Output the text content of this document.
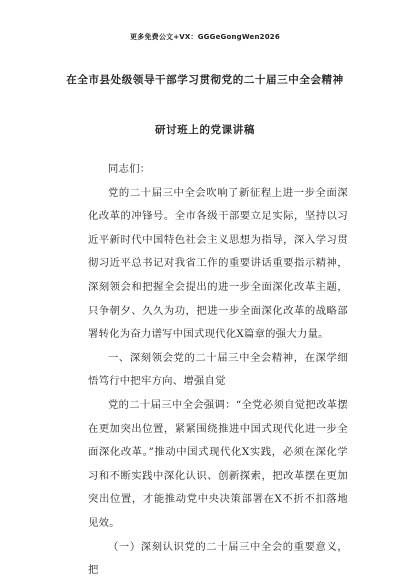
更多免费公文+VX：GGGeGongWen2026
在全市县处级领导干部学习贯彻党的二十届三中全会精神
研讨班上的党课讲稿

同志们：

党的二十届三中全会吹响了新征程上进一步全面深化改革的冲锋号。全市各级干部要立足实际，坚持以习近平新时代中国特色社会主义思想为指导，深入学习贯彻习近平总书记对我省工作的重要讲话重要指示精神，深刻领会和把握全会提出的进一步全面深化改革主题，只争朝夕、久久为功，把进一步全面深化改革的战略部署转化为奋力谱写中国式现代化X篇章的强大力量。

一、深刻领会党的二十届三中全会精神，在深学细悟笃行中把牢方向、增强自觉

党的二十届三中全会强调：“全党必须自觉把改革摆在更加突出位置，紧紧围绕推进中国式现代化进一步全面深化改革。”推动中国式现代化X实践，必须在深化学习和不断实践中深化认识、创新探索，把改革摆在更加突出位置，才能推动党中央决策部署在X不折不扣落地见效。

（一）深刻认识党的二十届三中全会的重要意义，把
